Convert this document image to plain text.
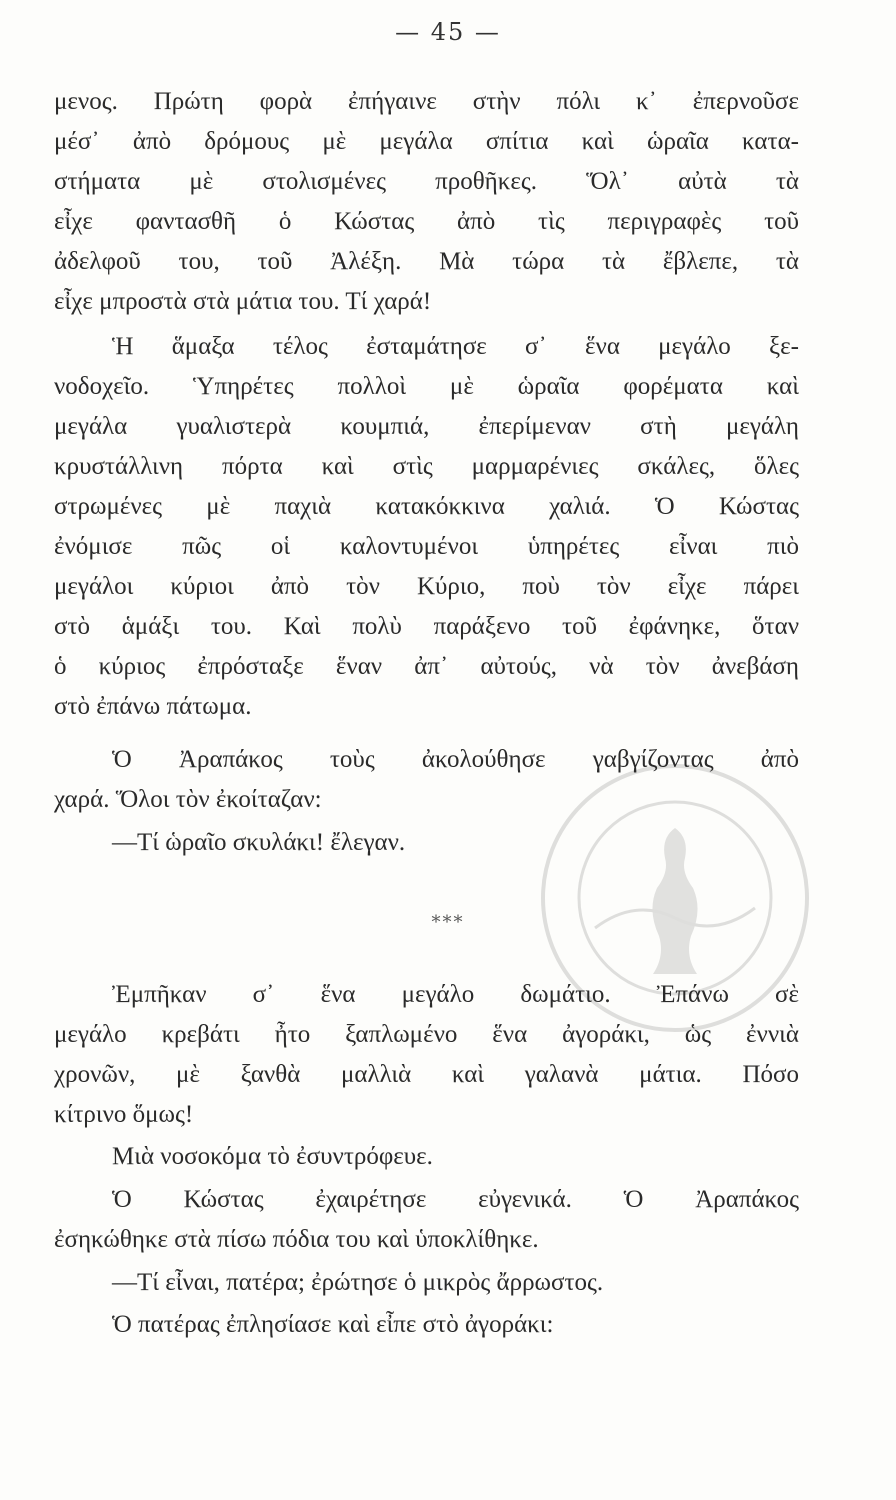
— 45 —
μενος. Πρώτη φορὰ ἐπήγαινε στὴν πόλι κ᾽ ἐπερνοῦσε
μέσ᾽ ἀπὸ δρόμους μὲ μεγάλα σπίτια καὶ ὡραῖα κατα-
στήματα μὲ στολισμένες προθῆκες. Ὅλ᾽ αὐτὰ τὰ
εἶχε φαντασθῆ ὁ Κώστας ἀπὸ τὶς περιγραφὲς τοῦ
ἀδελφοῦ του, τοῦ Ἀλέξη. Μὰ τώρα τὰ ἔβλεπε, τὰ
εἶχε μπροστὰ στὰ μάτια του. Τί χαρά!
Ἡ ἅμαξα τέλος ἐσταμάτησε σ᾽ ἕνα μεγάλο ξε-
νοδοχεῖο. Ὑπηρέτες πολλοὶ μὲ ὡραῖα φορέματα καὶ
μεγάλα γυαλιστερὰ κουμπιά, ἐπερίμεναν στὴ μεγάλη
κρυστάλλινη πόρτα καὶ στὶς μαρμαρένιες σκάλες, ὅλες
στρωμένες μὲ παχιὰ κατακόκκινα χαλιά. Ὁ Κώστας
ἐνόμισε πῶς οἱ καλοντυμένοι ὑπηρέτες εἶναι πιὸ
μεγάλοι κύριοι ἀπὸ τὸν Κύριο, ποὺ τὸν εἶχε πάρει
στὸ ἁμάξι του. Καὶ πολὺ παράξενο τοῦ ἐφάνηκε, ὅταν
ὁ κύριος ἐπρόσταξε ἕναν ἀπ᾽ αὐτούς, νὰ τὸν ἀνεβάση
στὸ ἐπάνω πάτωμα.
Ὁ Ἀραπάκος τοὺς ἀκολούθησε γαβγίζοντας ἀπὸ
χαρά. Ὅλοι τὸν ἐκοίταζαν:
—Τί ὡραῖο σκυλάκι! ἔλεγαν.
***
Ἐμπῆκαν σ᾽ ἕνα μεγάλο δωμάτιο. Ἐπάνω σὲ
μεγάλο κρεβάτι ἦτο ξαπλωμένο ἕνα ἀγοράκι, ὡς ἐννιὰ
χρονῶν, μὲ ξανθὰ μαλλιὰ καὶ γαλανὰ μάτια. Πόσο
κίτρινο ὅμως!
Μιὰ νοσοκόμα τὸ ἐσυντρόφευε.
Ὁ Κώστας ἐχαιρέτησε εὐγενικά. Ὁ Ἀραπάκος
ἐσηκώθηκε στὰ πίσω πόδια του καὶ ὑποκλίθηκε.
—Τί εἶναι, πατέρα; ἐρώτησε ὁ μικρὸς ἄρρωστος.
Ὁ πατέρας ἐπλησίασε καὶ εἶπε στὸ ἀγοράκι:
